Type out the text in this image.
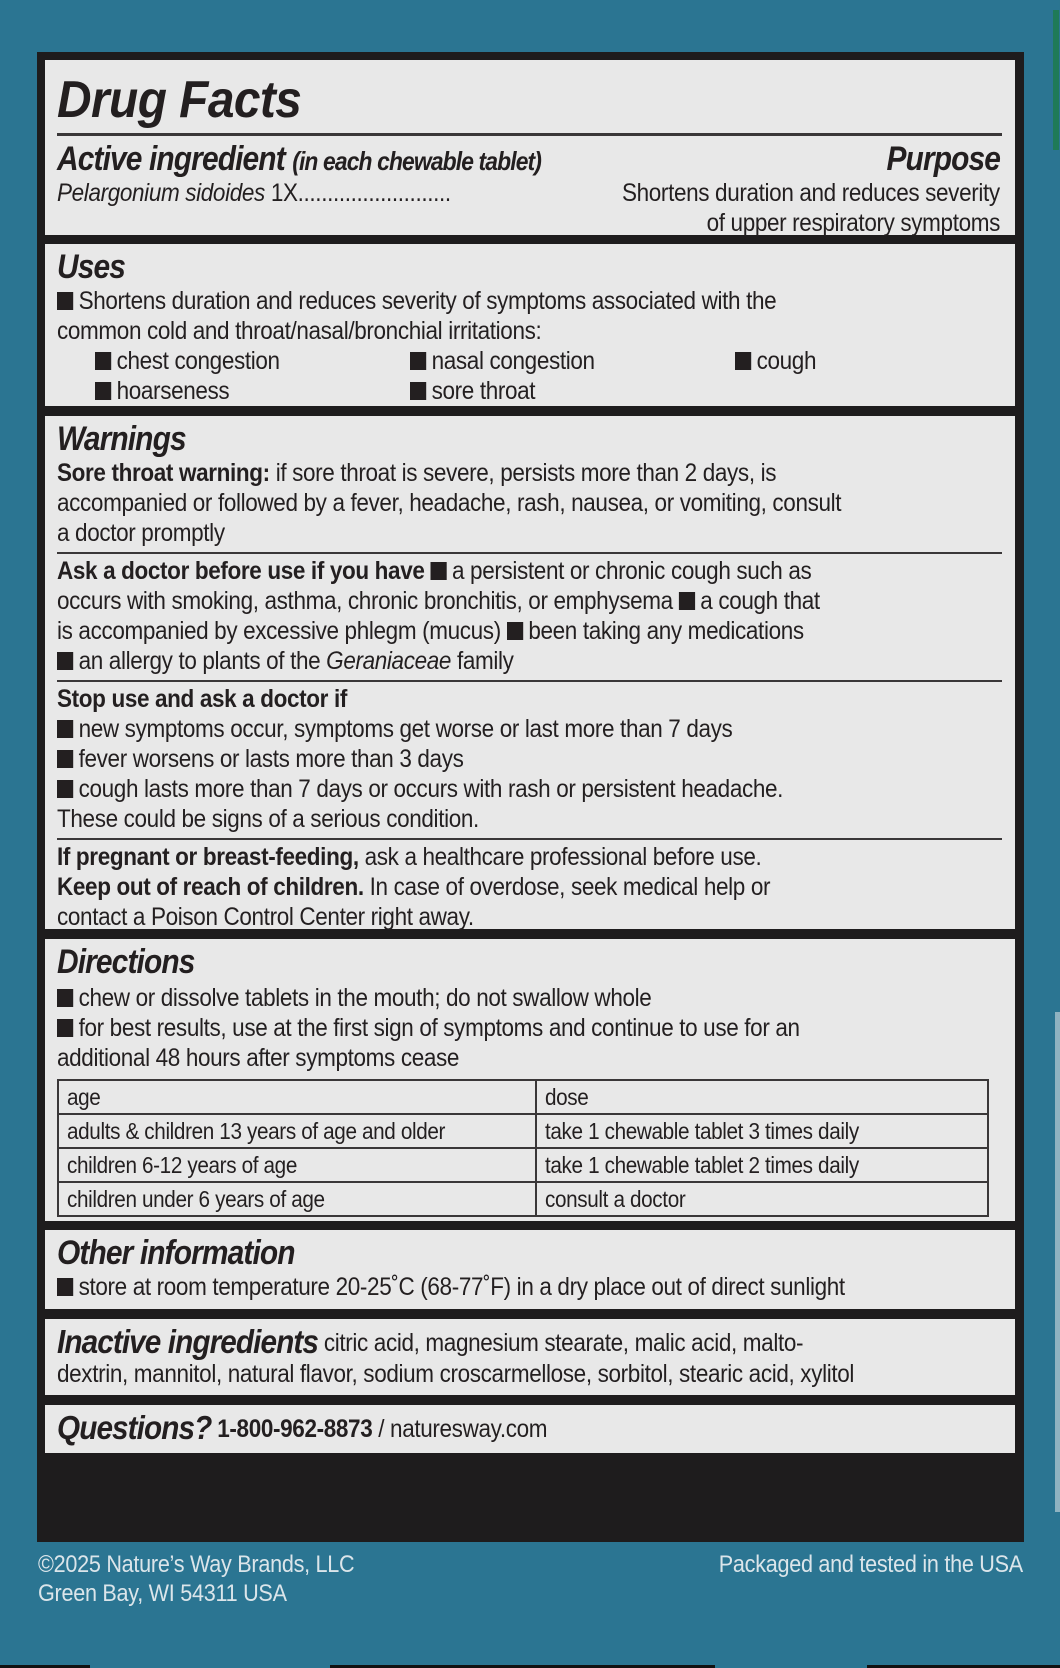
Drug Facts
Active ingredient (in each chewable tablet)	Purpose
Pelargonium sidoides 1X..........................	Shortens duration and reduces severity
of upper respiratory symptoms
Uses
Shortens duration and reduces severity of symptoms associated with the
common cold and throat/nasal/bronchial irritations:
chest congestion	nasal congestion	cough
hoarseness	sore throat
Warnings
Sore throat warning: if sore throat is severe, persists more than 2 days, is
accompanied or followed by a fever, headache, rash, nausea, or vomiting, consult
a doctor promptly
Ask a doctor before use if you have a persistent or chronic cough such as
occurs with smoking, asthma, chronic bronchitis, or emphysema a cough that
is accompanied by excessive phlegm (mucus) been taking any medications
an allergy to plants of the Geraniaceae family
Stop use and ask a doctor if
new symptoms occur, symptoms get worse or last more than 7 days
fever worsens or lasts more than 3 days
cough lasts more than 7 days or occurs with rash or persistent headache.
These could be signs of a serious condition.
If pregnant or breast-feeding, ask a healthcare professional before use.
Keep out of reach of children. In case of overdose, seek medical help or
contact a Poison Control Center right away.
Directions
chew or dissolve tablets in the mouth; do not swallow whole
for best results, use at the first sign of symptoms and continue to use for an
additional 48 hours after symptoms cease
age	dose
adults & children 13 years of age and older	take 1 chewable tablet 3 times daily
children 6-12 years of age	take 1 chewable tablet 2 times daily
children under 6 years of age	consult a doctor
Other information
store at room temperature 20-25˚C (68-77˚F) in a dry place out of direct sunlight
Inactive ingredients citric acid, magnesium stearate, malic acid, malto-
dextrin, mannitol, natural flavor, sodium croscarmellose, sorbitol, stearic acid, xylitol
Questions? 1-800-962-8873 / naturesway.com
©2025 Nature’s Way Brands, LLC
Green Bay, WI 54311 USA
Packaged and tested in the USA
